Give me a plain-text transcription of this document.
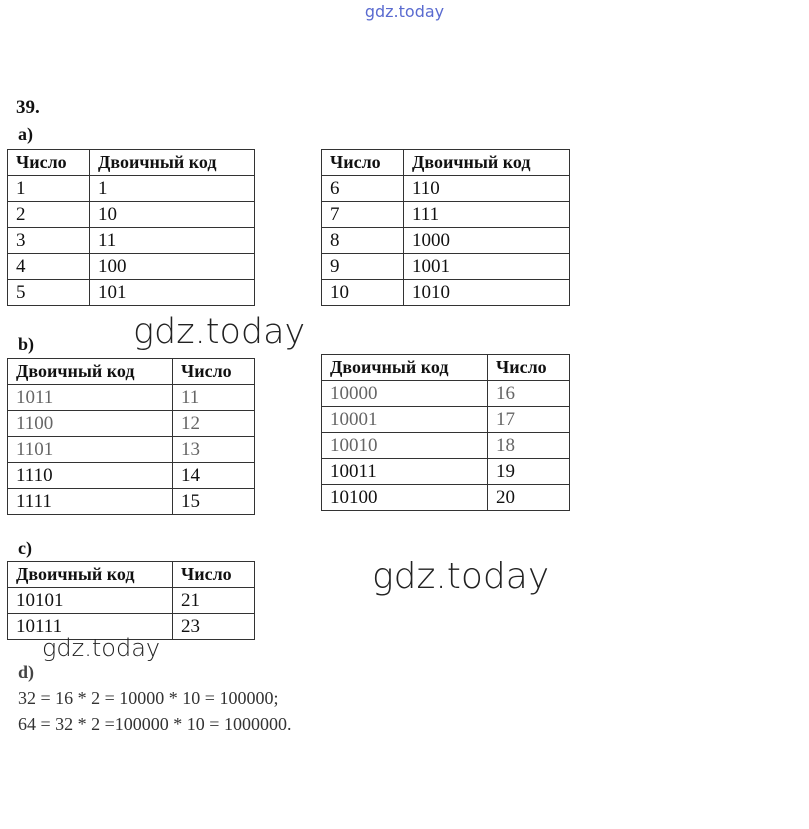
gdz.today
39.
a)
Число	Двоичный код
1	1
2	10
3	11
4	100
5	101
Число	Двоичный код
6	110
7	111
8	1000
9	1001
10	1010
gdz.today
b)
Двоичный код	Число
1011	11
1100	12
1101	13
1110	14
1111	15
Двоичный код	Число
10000	16
10001	17
10010	18
10011	19
10100	20
c)
Двоичный код	Число
10101	21
10111	23
gdz.today
gdz.today
d)
32 = 16 * 2 = 10000 * 10 = 100000;
64 = 32 * 2 =100000 * 10 = 1000000.
